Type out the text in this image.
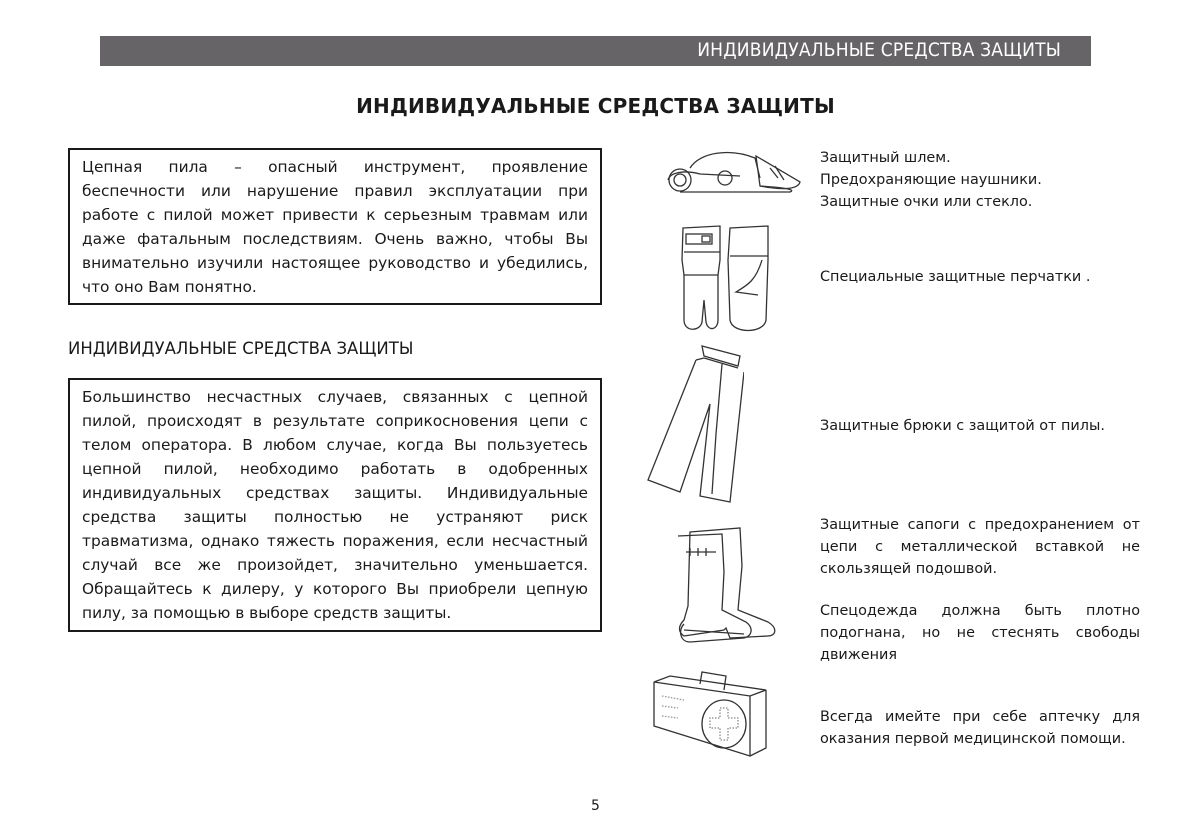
ИНДИВИДУАЛЬНЫЕ СРЕДСТВА ЗАЩИТЫ
ИНДИВИДУАЛЬНЫЕ СРЕДСТВА ЗАЩИТЫ

Цепная пила – опасный инструмент, проявление беспечности или нарушение правил эксплуатации при работе с пилой может привести к серьезным травмам или даже фатальным последствиям. Очень важно, чтобы Вы внимательно изучили настоящее руководство и убедились, что оно Вам понятно.

ИНДИВИДУАЛЬНЫЕ СРЕДСТВА ЗАЩИТЫ

Большинство несчастных случаев, связанных с цепной пилой, происходят в результате соприкосновения цепи с телом оператора. В любом случае, когда Вы пользуетесь цепной пилой, необходимо работать в одобренных индивидуальных средствах защиты. Индивидуальные средства защиты полностью не устраняют риск травматизма, однако тяжесть поражения, если несчастный случай все же произойдет, значительно уменьшается. Обращайтесь к дилеру, у которого Вы приобрели цепную пилу, за помощью в выборе средств защиты.

Защитный шлем.

Предохраняющие наушники.

Защитные очки или стекло.

Специальные защитные перчатки .

Защитные брюки с защитой от пилы.

Защитные сапоги с предохранением от цепи с металлической вставкой не скользящей подошвой.

Спецодежда должна быть плотно подогнана, но не стеснять свободы движения

Всегда имейте при себе аптечку для оказания первой медицинской помощи.

5
